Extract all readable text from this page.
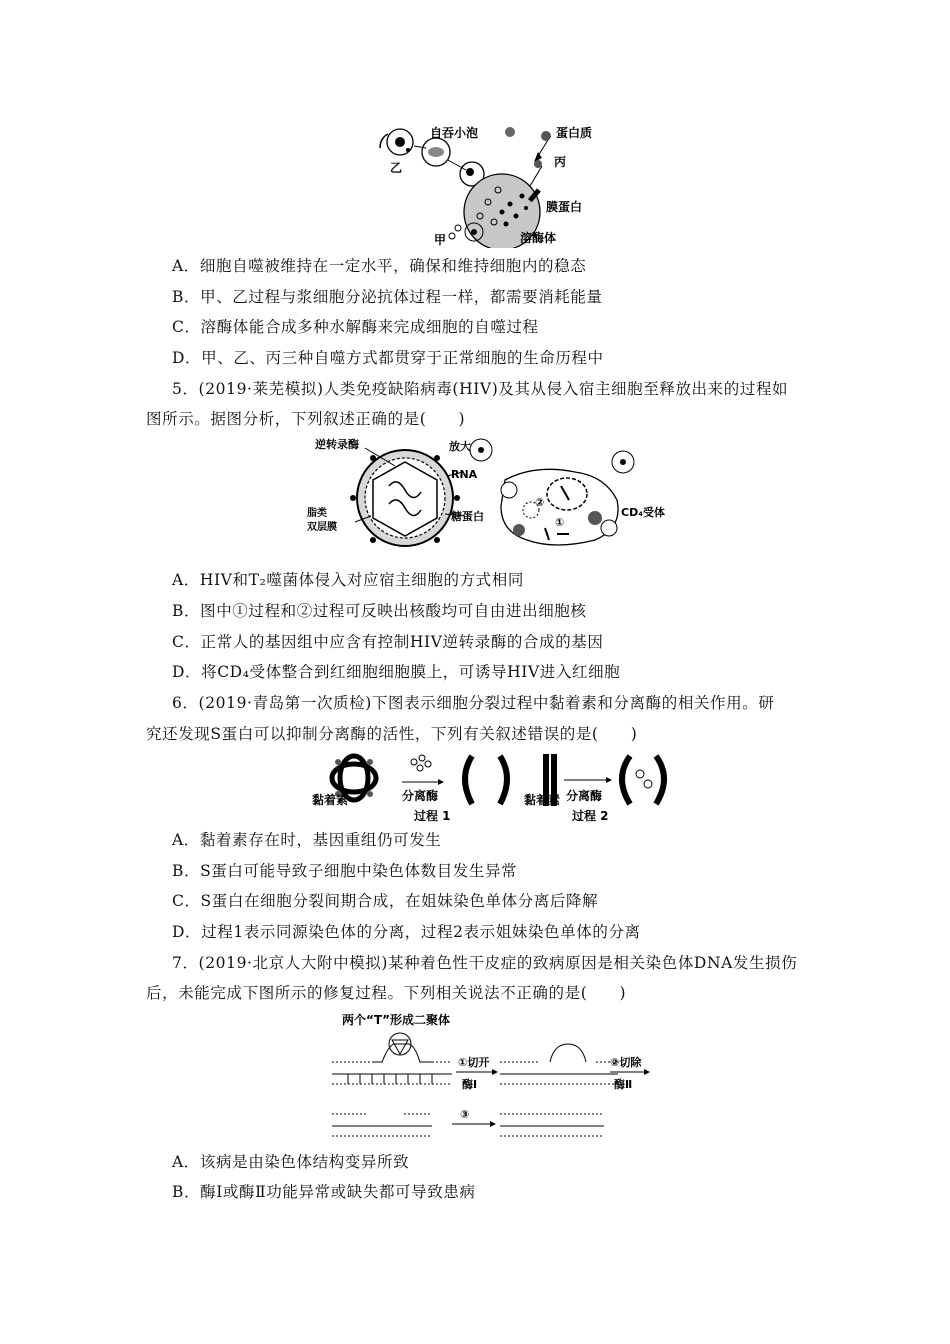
自吞小泡	蛋白质
乙	丙
膜蛋白
甲	溶酶体
A．细胞自噬被维持在一定水平，确保和维持细胞内的稳态
B．甲、乙过程与浆细胞分泌抗体过程一样，都需要消耗能量
C．溶酶体能合成多种水解酶来完成细胞的自噬过程
D．甲、乙、丙三种自噬方式都贯穿于正常细胞的生命历程中
5．(2019·莱芜模拟)人类免疫缺陷病毒(HIV)及其从侵入宿主细胞至释放出来的过程如
图所示。据图分析，下列叙述正确的是(　　)
逆转录酶	放大
RNA
脂类
双层膜
糖蛋白	CD₄受体
①
②
A．HIV和T₂噬菌体侵入对应宿主细胞的方式相同
B．图中①过程和②过程可反映出核酸均可自由进出细胞核
C．正常人的基因组中应含有控制HIV逆转录酶的合成的基因
D．将CD₄受体整合到红细胞细胞膜上，可诱导HIV进入红细胞
6．(2019·青岛第一次质检)下图表示细胞分裂过程中黏着素和分离酶的相关作用。研
究还发现S蛋白可以抑制分离酶的活性，下列有关叙述错误的是(　　)
黏着素	分离酶
过程 1
黏着素 分离酶
过程 2
A．黏着素存在时，基因重组仍可发生
B．S蛋白可能导致子细胞中染色体数目发生异常
C．S蛋白在细胞分裂间期合成，在姐妹染色单体分离后降解
D．过程1表示同源染色体的分离，过程2表示姐妹染色单体的分离
7．(2019·北京人大附中模拟)某种着色性干皮症的致病原因是相关染色体DNA发生损伤
后，未能完成下图所示的修复过程。下列相关说法不正确的是(　　)
两个“T”形成二聚体
①切开
酶Ⅰ
②切除
酶Ⅱ
③
A．该病是由染色体结构变异所致
B．酶Ⅰ或酶Ⅱ功能异常或缺失都可导致患病
